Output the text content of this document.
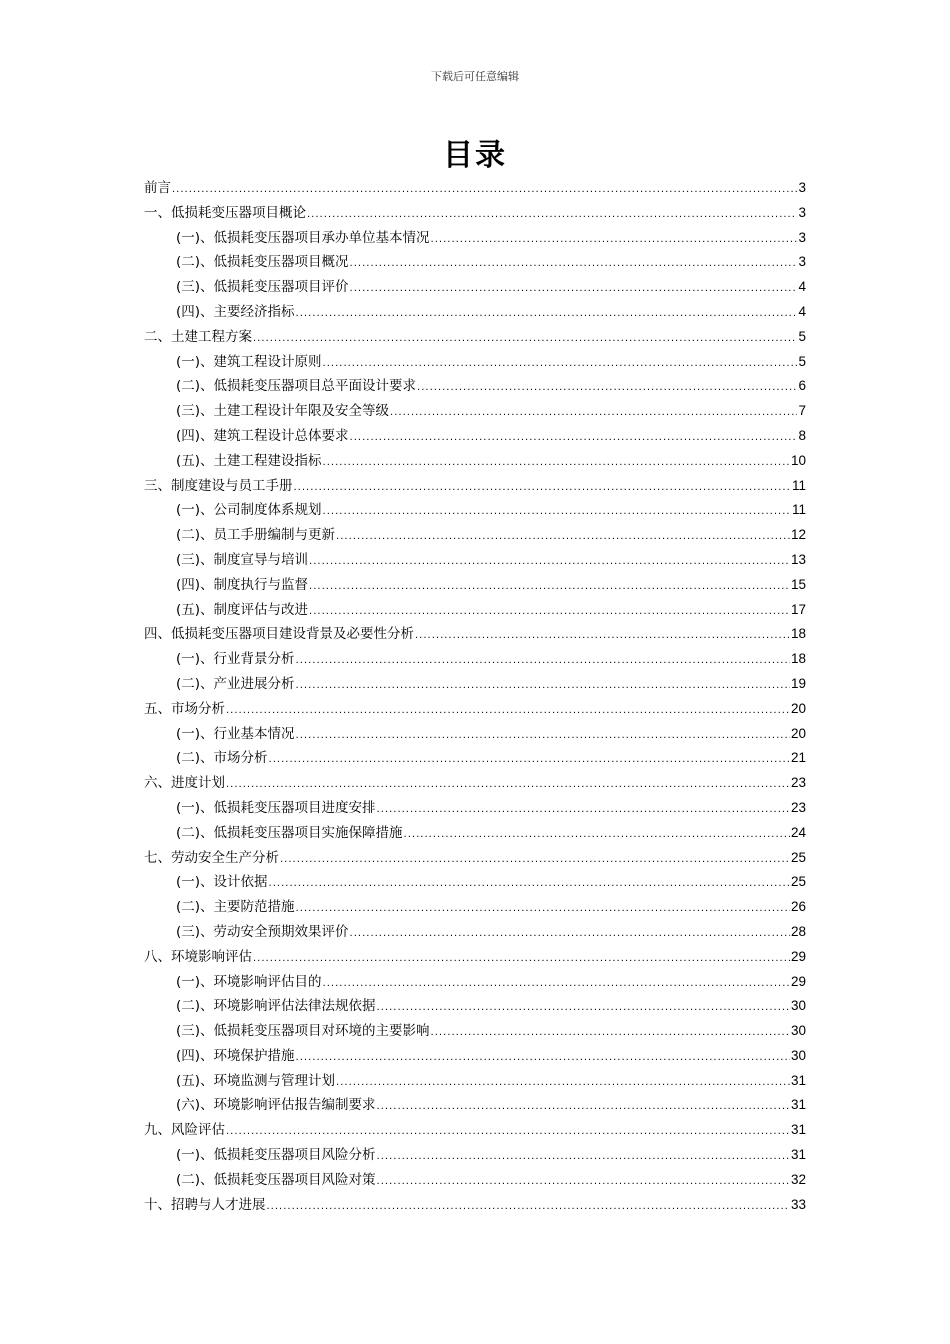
下载后可任意编辑
目录
前言 .....	3
一、低损耗变压器项目概论 .....	3
(一)、低损耗变压器项目承办单位基本情况 .....	3
(二)、低损耗变压器项目概况 .....	3
(三)、低损耗变压器项目评价 .....	4
(四)、主要经济指标 .....	4
二、土建工程方案 .....	5
(一)、建筑工程设计原则 .....	5
(二)、低损耗变压器项目总平面设计要求 .....	6
(三)、土建工程设计年限及安全等级 .....	7
(四)、建筑工程设计总体要求 .....	8
(五)、土建工程建设指标 .....	10
三、制度建设与员工手册 .....	11
(一)、公司制度体系规划 .....	11
(二)、员工手册编制与更新 .....	12
(三)、制度宣导与培训 .....	13
(四)、制度执行与监督 .....	15
(五)、制度评估与改进 .....	17
四、低损耗变压器项目建设背景及必要性分析 .....	18
(一)、行业背景分析 .....	18
(二)、产业进展分析 .....	19
五、市场分析 .....	20
(一)、行业基本情况 .....	20
(二)、市场分析 .....	21
六、进度计划 .....	23
(一)、低损耗变压器项目进度安排 .....	23
(二)、低损耗变压器项目实施保障措施 .....	24
七、劳动安全生产分析 .....	25
(一)、设计依据 .....	25
(二)、主要防范措施 .....	26
(三)、劳动安全预期效果评价 .....	28
八、环境影响评估 .....	29
(一)、环境影响评估目的 .....	29
(二)、环境影响评估法律法规依据 .....	30
(三)、低损耗变压器项目对环境的主要影响 .....	30
(四)、环境保护措施 .....	30
(五)、环境监测与管理计划 .....	31
(六)、环境影响评估报告编制要求 .....	31
九、风险评估 .....	31
(一)、低损耗变压器项目风险分析 .....	31
(二)、低损耗变压器项目风险对策 .....	32
十、招聘与人才进展 .....	33
